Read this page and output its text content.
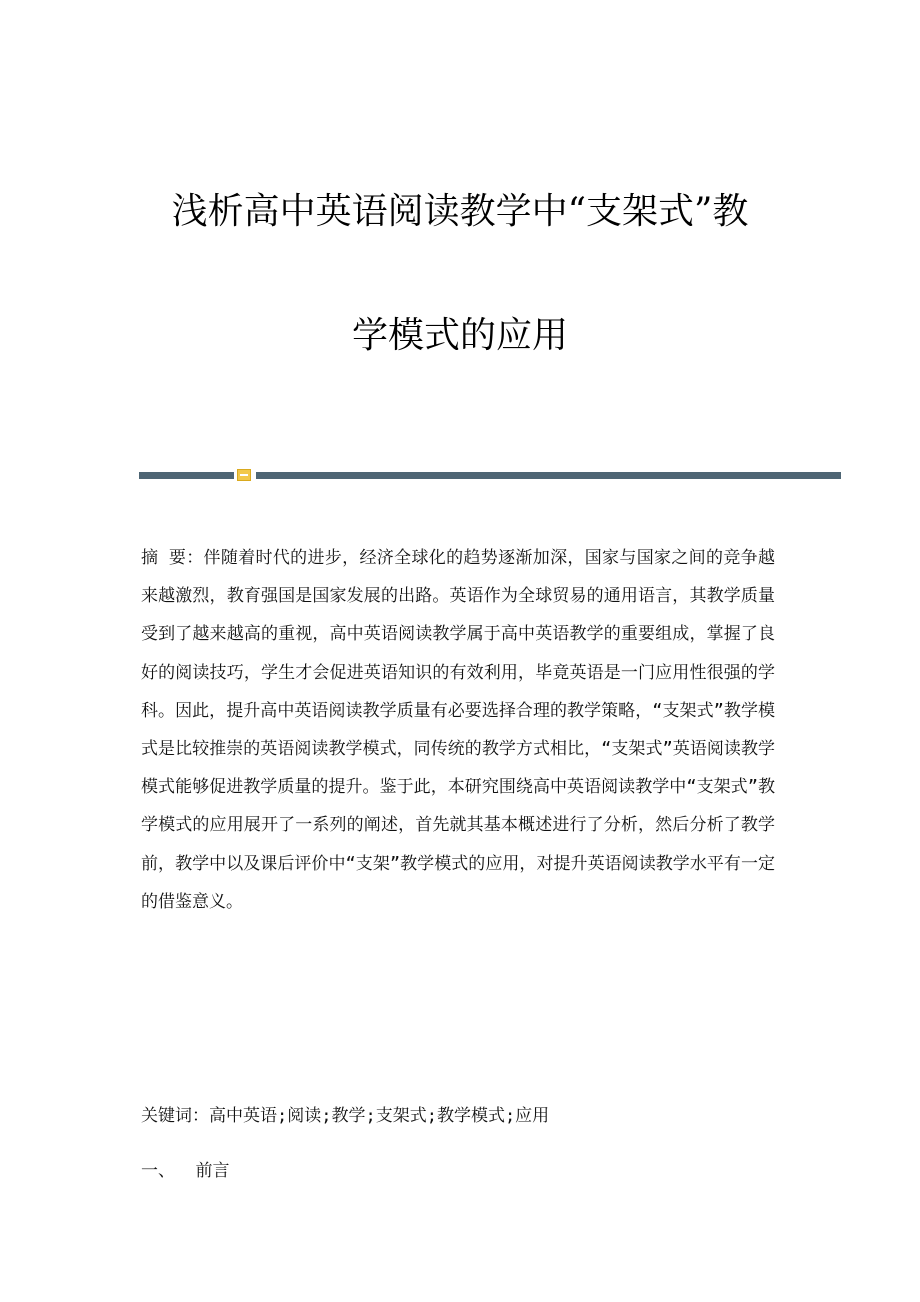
浅析高中英语阅读教学中“支架式”教
学模式的应用

摘 要：伴随着时代的进步，经济全球化的趋势逐渐加深，国家与国家之间的竞争越来越激烈，教育强国是国家发展的出路。英语作为全球贸易的通用语言，其教学质量受到了越来越高的重视，高中英语阅读教学属于高中英语教学的重要组成，掌握了良好的阅读技巧，学生才会促进英语知识的有效利用，毕竟英语是一门应用性很强的学科。因此，提升高中英语阅读教学质量有必要选择合理的教学策略，“支架式”教学模式是比较推崇的英语阅读教学模式，同传统的教学方式相比，“支架式”英语阅读教学模式能够促进教学质量的提升。鉴于此，本研究围绕高中英语阅读教学中“支架式”教学模式的应用展开了一系列的阐述，首先就其基本概述进行了分析，然后分析了教学前，教学中以及课后评价中“支架”教学模式的应用，对提升英语阅读教学水平有一定的借鉴意义。

关键词：高中英语;阅读;教学;支架式;教学模式;应用

一、  前言
